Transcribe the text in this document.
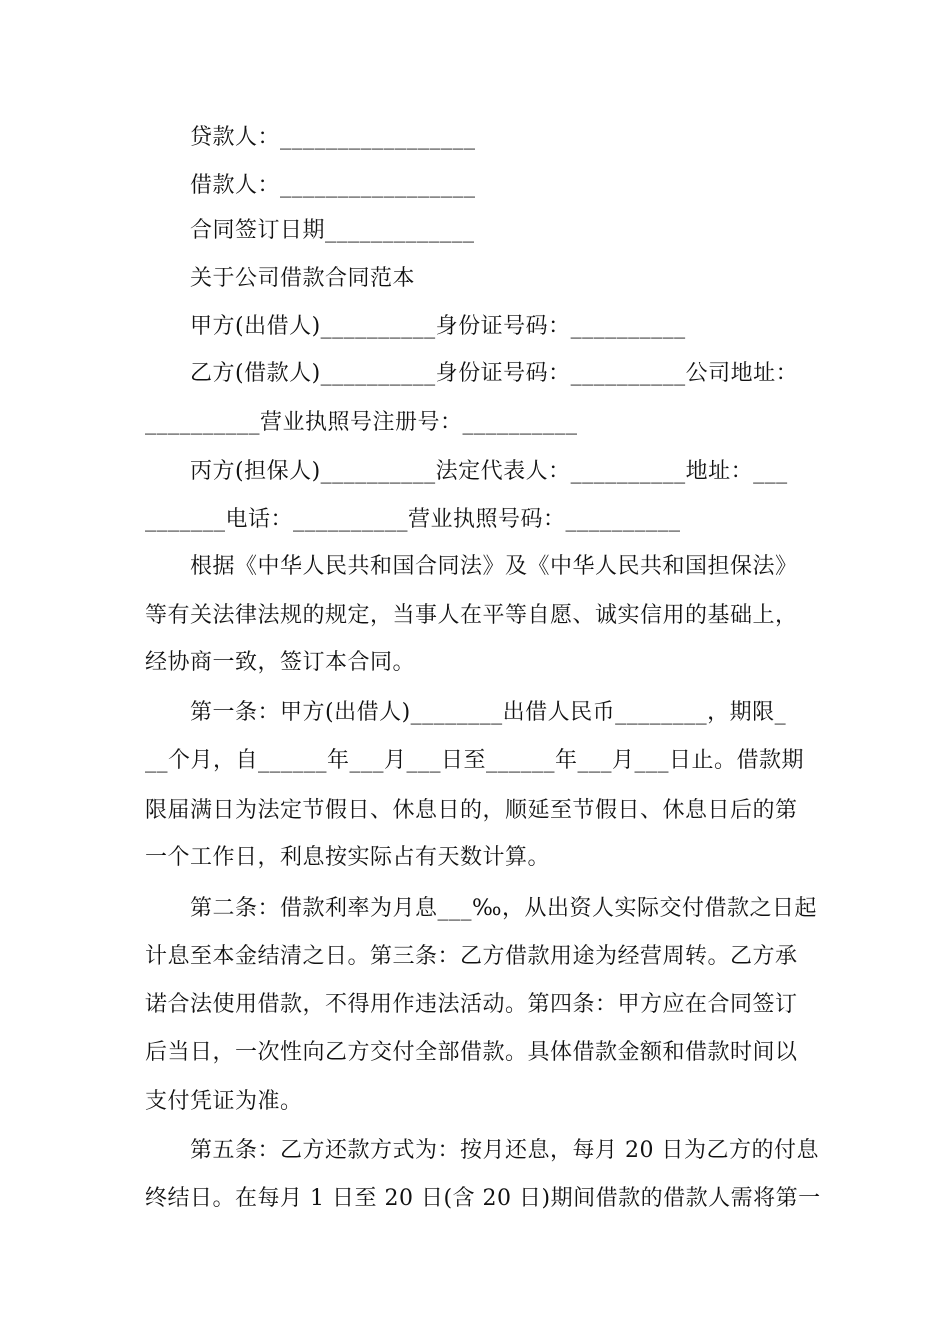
贷款人：_________________
借款人：_________________
合同签订日期_____________
关于公司借款合同范本
甲方(出借人)__________身份证号码：__________
乙方(借款人)__________身份证号码：__________公司地址：
__________营业执照号注册号：__________
丙方(担保人)__________法定代表人：__________地址：___
_______电话：__________营业执照号码：__________
根据《中华人民共和国合同法》及《中华人民共和国担保法》
等有关法律法规的规定，当事人在平等自愿、诚实信用的基础上，
经协商一致，签订本合同。
第一条：甲方(出借人)________出借人民币________，期限_
__个月，自______年___月___日至______年___月___日止。借款期
限届满日为法定节假日、休息日的，顺延至节假日、休息日后的第
一个工作日，利息按实际占有天数计算。
第二条：借款利率为月息___‰，从出资人实际交付借款之日起
计息至本金结清之日。第三条：乙方借款用途为经营周转。乙方承
诺合法使用借款，不得用作违法活动。第四条：甲方应在合同签订
后当日，一次性向乙方交付全部借款。具体借款金额和借款时间以
支付凭证为准。
第五条：乙方还款方式为：按月还息，每月 20 日为乙方的付息
终结日。在每月 1 日至 20 日(含 20 日)期间借款的借款人需将第一
